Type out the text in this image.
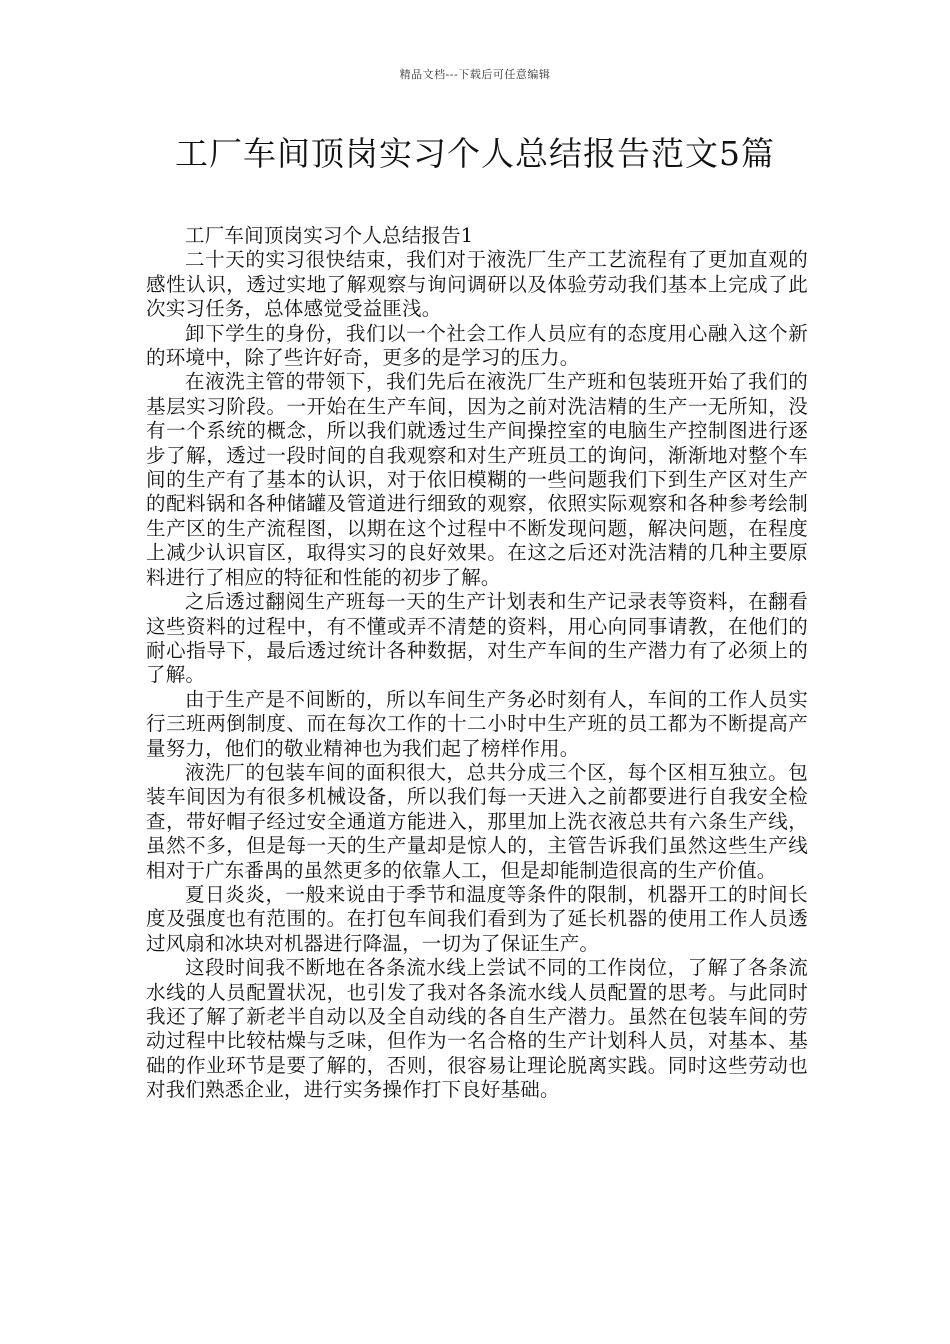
精品文档---下载后可任意编辑
工厂车间顶岗实习个人总结报告范文5篇

工厂车间顶岗实习个人总结报告1

二十天的实习很快结束，我们对于液洗厂生产工艺流程有了更加直观的感性认识，透过实地了解观察与询问调研以及体验劳动我们基本上完成了此次实习任务，总体感觉受益匪浅。

卸下学生的身份，我们以一个社会工作人员应有的态度用心融入这个新的环境中，除了些许好奇，更多的是学习的压力。

在液洗主管的带领下，我们先后在液洗厂生产班和包装班开始了我们的基层实习阶段。一开始在生产车间，因为之前对洗洁精的生产一无所知，没有一个系统的概念，所以我们就透过生产间操控室的电脑生产控制图进行逐步了解，透过一段时间的自我观察和对生产班员工的询问，渐渐地对整个车间的生产有了基本的认识，对于依旧模糊的一些问题我们下到生产区对生产的配料锅和各种储罐及管道进行细致的观察，依照实际观察和各种参考绘制生产区的生产流程图，以期在这个过程中不断发现问题，解决问题，在程度上减少认识盲区，取得实习的良好效果。在这之后还对洗洁精的几种主要原料进行了相应的特征和性能的初步了解。

之后透过翻阅生产班每一天的生产计划表和生产记录表等资料，在翻看这些资料的过程中，有不懂或弄不清楚的资料，用心向同事请教，在他们的耐心指导下，最后透过统计各种数据，对生产车间的生产潜力有了必须上的了解。

由于生产是不间断的，所以车间生产务必时刻有人，车间的工作人员实行三班两倒制度、而在每次工作的十二小时中生产班的员工都为不断提高产量努力，他们的敬业精神也为我们起了榜样作用。

液洗厂的包装车间的面积很大，总共分成三个区，每个区相互独立。包装车间因为有很多机械设备，所以我们每一天进入之前都要进行自我安全检查，带好帽子经过安全通道方能进入，那里加上洗衣液总共有六条生产线，虽然不多，但是每一天的生产量却是惊人的，主管告诉我们虽然这些生产线相对于广东番禺的虽然更多的依靠人工，但是却能制造很高的生产价值。

夏日炎炎，一般来说由于季节和温度等条件的限制，机器开工的时间长度及强度也有范围的。在打包车间我们看到为了延长机器的使用工作人员透过风扇和冰块对机器进行降温，一切为了保证生产。

这段时间我不断地在各条流水线上尝试不同的工作岗位，了解了各条流水线的人员配置状况，也引发了我对各条流水线人员配置的思考。与此同时我还了解了新老半自动以及全自动线的各自生产潜力。虽然在包装车间的劳动过程中比较枯燥与乏味，但作为一名合格的生产计划科人员，对基本、基础的作业环节是要了解的，否则，很容易让理论脱离实践。同时这些劳动也对我们熟悉企业，进行实务操作打下良好基础。
